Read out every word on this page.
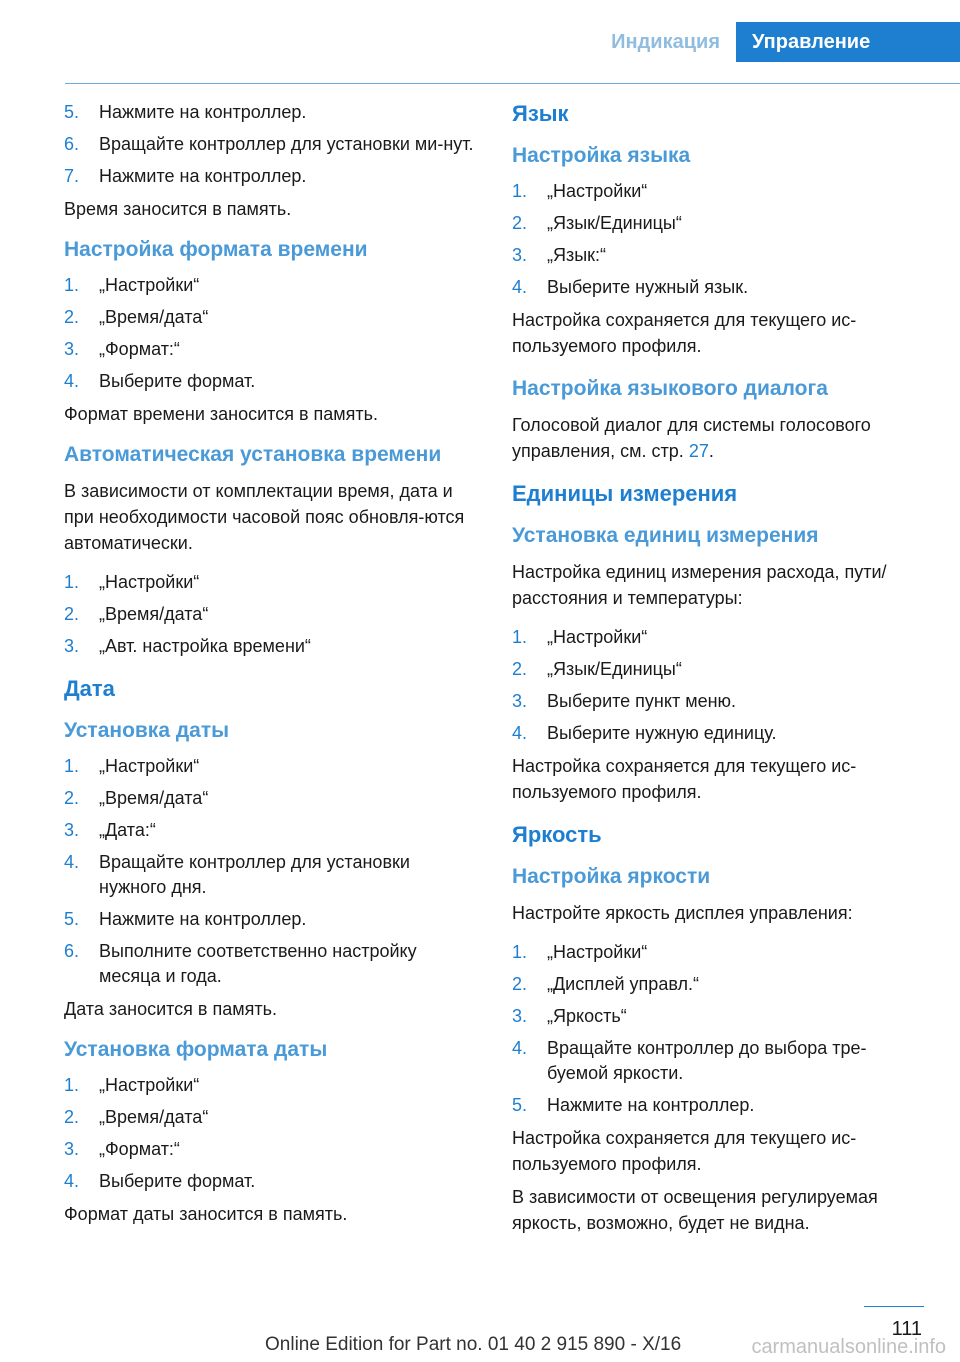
Индикация	Управление
5. Нажмите на контроллер.
6. Вращайте контроллер для установки ми-нут.
7. Нажмите на контроллер.
Время заносится в память.
Настройка формата времени
1. „Настройки“
2. „Время/дата“
3. „Формат:“
4. Выберите формат.
Формат времени заносится в память.
Автоматическая установка времени
В зависимости от комплектации время, дата и при необходимости часовой пояс обновля-ются автоматически.
1. „Настройки“
2. „Время/дата“
3. „Авт. настройка времени“
Дата
Установка даты
1. „Настройки“
2. „Время/дата“
3. „Дата:“
4. Вращайте контроллер для установки нужного дня.
5. Нажмите на контроллер.
6. Выполните соответственно настройку месяца и года.
Дата заносится в память.
Установка формата даты
1. „Настройки“
2. „Время/дата“
3. „Формат:“
4. Выберите формат.
Формат даты заносится в память.
Язык
Настройка языка
1. „Настройки“
2. „Язык/Единицы“
3. „Язык:“
4. Выберите нужный язык.
Настройка сохраняется для текущего ис-пользуемого профиля.
Настройка языкового диалога
Голосовой диалог для системы голосового управления, см. стр. 27.
Единицы измерения
Установка единиц измерения
Настройка единиц измерения расхода, пути/расстояния и температуры:
1. „Настройки“
2. „Язык/Единицы“
3. Выберите пункт меню.
4. Выберите нужную единицу.
Настройка сохраняется для текущего ис-пользуемого профиля.
Яркость
Настройка яркости
Настройте яркость дисплея управления:
1. „Настройки“
2. „Дисплей управл.“
3. „Яркость“
4. Вращайте контроллер до выбора тре-буемой яркости.
5. Нажмите на контроллер.
Настройка сохраняется для текущего ис-пользуемого профиля.
В зависимости от освещения регулируемая яркость, возможно, будет не видна.
111
Online Edition for Part no. 01 40 2 915 890 - X/16	carmanualsonline.info
